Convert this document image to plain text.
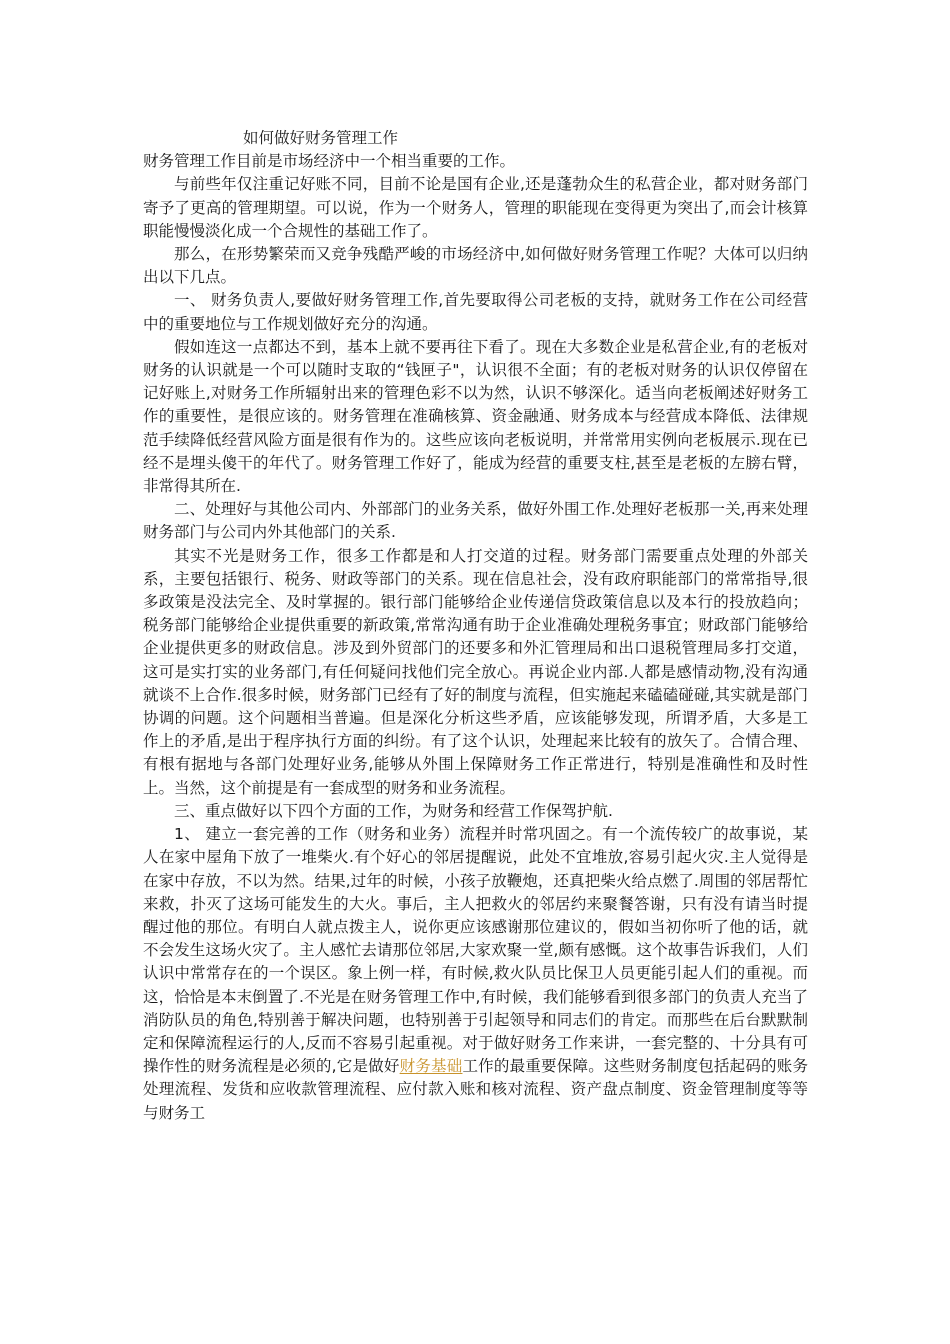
如何做好财务管理工作

财务管理工作目前是市场经济中一个相当重要的工作。

与前些年仅注重记好账不同，目前不论是国有企业,还是蓬勃众生的私营企业，都对财务部门寄予了更高的管理期望。可以说，作为一个财务人，管理的职能现在变得更为突出了,而会计核算职能慢慢淡化成一个合规性的基础工作了。

那么，在形势繁荣而又竞争残酷严峻的市场经济中,如何做好财务管理工作呢？大体可以归纳出以下几点。

一、 财务负责人,要做好财务管理工作,首先要取得公司老板的支持，就财务工作在公司经营中的重要地位与工作规划做好充分的沟通。

假如连这一点都达不到，基本上就不要再往下看了。现在大多数企业是私营企业,有的老板对财务的认识就是一个可以随时支取的“钱匣子"，认识很不全面；有的老板对财务的认识仅停留在记好账上,对财务工作所辐射出来的管理色彩不以为然，认识不够深化。适当向老板阐述好财务工作的重要性，是很应该的。财务管理在准确核算、资金融通、财务成本与经营成本降低、法律规范手续降低经营风险方面是很有作为的。这些应该向老板说明，并常常用实例向老板展示.现在已经不是埋头傻干的年代了。财务管理工作好了，能成为经营的重要支柱,甚至是老板的左膀右臂，非常得其所在.

二、处理好与其他公司内、外部部门的业务关系，做好外围工作.处理好老板那一关,再来处理财务部门与公司内外其他部门的关系.

其实不光是财务工作，很多工作都是和人打交道的过程。财务部门需要重点处理的外部关系，主要包括银行、税务、财政等部门的关系。现在信息社会，没有政府职能部门的常常指导,很多政策是没法完全、及时掌握的。银行部门能够给企业传递信贷政策信息以及本行的投放趋向；税务部门能够给企业提供重要的新政策,常常沟通有助于企业准确处理税务事宜；财政部门能够给企业提供更多的财政信息。涉及到外贸部门的还要多和外汇管理局和出口退税管理局多打交道，这可是实打实的业务部门,有任何疑问找他们完全放心。再说企业内部.人都是感情动物,没有沟通就谈不上合作.很多时候，财务部门已经有了好的制度与流程，但实施起来磕磕碰碰,其实就是部门协调的问题。这个问题相当普遍。但是深化分析这些矛盾，应该能够发现，所谓矛盾，大多是工作上的矛盾,是出于程序执行方面的纠纷。有了这个认识，处理起来比较有的放矢了。合情合理、有根有据地与各部门处理好业务,能够从外围上保障财务工作正常进行，特别是准确性和及时性上。当然，这个前提是有一套成型的财务和业务流程。

三、重点做好以下四个方面的工作，为财务和经营工作保驾护航.

1、 建立一套完善的工作（财务和业务）流程并时常巩固之。有一个流传较广的故事说，某人在家中屋角下放了一堆柴火.有个好心的邻居提醒说，此处不宜堆放,容易引起火灾.主人觉得是在家中存放，不以为然。结果,过年的时候，小孩子放鞭炮，还真把柴火给点燃了.周围的邻居帮忙来救，扑灭了这场可能发生的大火。事后，主人把救火的邻居约来聚餐答谢，只有没有请当时提醒过他的那位。有明白人就点拨主人，说你更应该感谢那位建议的，假如当初你听了他的话，就不会发生这场火灾了。主人感忙去请那位邻居,大家欢聚一堂,颇有感慨。这个故事告诉我们，人们认识中常常存在的一个误区。象上例一样，有时候,救火队员比保卫人员更能引起人们的重视。而这，恰恰是本末倒置了.不光是在财务管理工作中,有时候，我们能够看到很多部门的负责人充当了消防队员的角色,特别善于解决问题，也特别善于引起领导和同志们的肯定。而那些在后台默默制定和保障流程运行的人,反而不容易引起重视。对于做好财务工作来讲，一套完整的、十分具有可操作性的财务流程是必须的,它是做好财务基础工作的最重要保障。这些财务制度包括起码的账务处理流程、发货和应收款管理流程、应付款入账和核对流程、资产盘点制度、资金管理制度等等与财务工
